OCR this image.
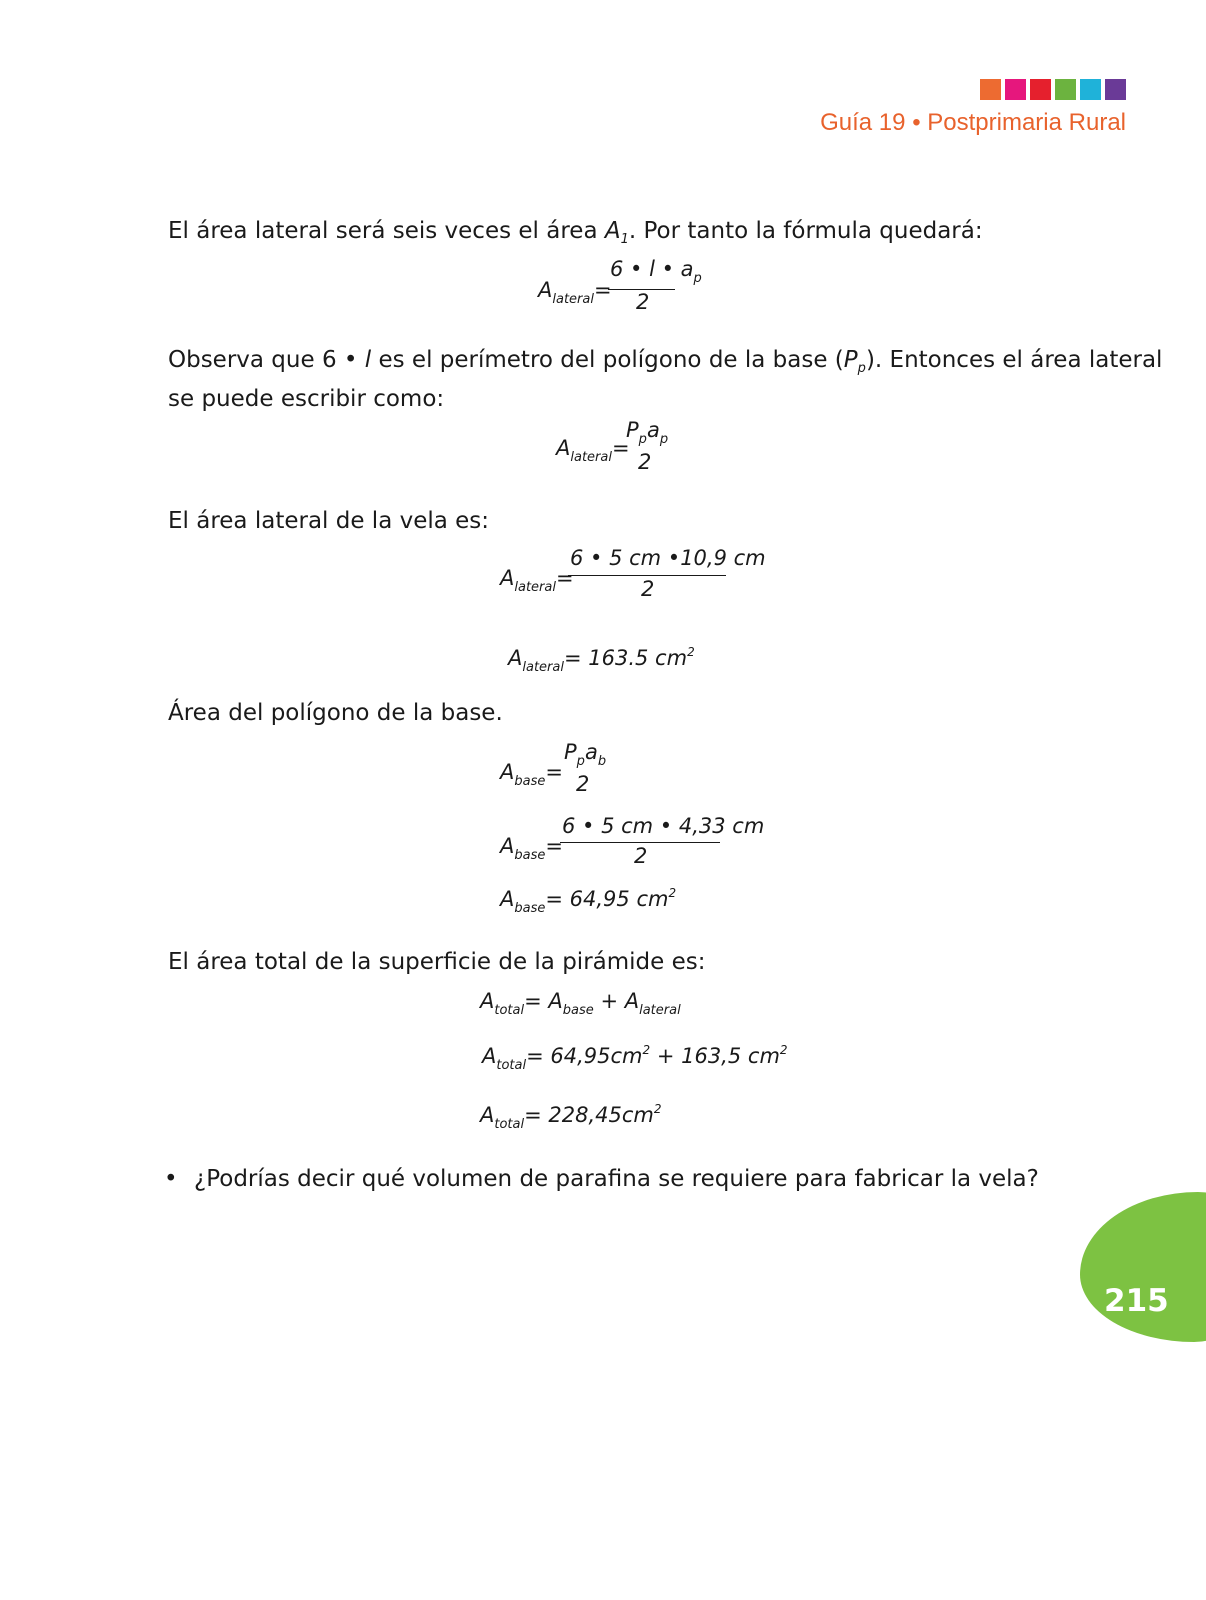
Guía 19 • Postprimaria Rural
El área lateral será seis veces el área $A_1$. Por tanto la fórmula quedará:
$A_{lateral}=$
6 • l • $a_p$
2
Observa que 6 • l es el perímetro del polígono de la base $(P_p)$. Entonces el área lateral
se puede escribir como:
$A_{lateral}=$
$P_pa_p$
2
El área lateral de la vela es:
$A_{lateral}=$
6 • 5 cm •10,9 cm
2
$A_{lateral}= 163.5$ $cm^2$
Área del polígono de la base.
$A_{base}=$
$P_pa_b$
2
$A_{base}=$
6 • 5 cm • 4,33 cm
2
$A_{base}= 64,95$ $cm^2$
El área total de la superficie de la pirámide es:
$A_{total}= A_{base} + A_{lateral}$
$A_{total}= 64,95cm^2 + 163,5$ $cm^2$
$A_{total}= 228,45cm^2$
• ¿Podrías decir qué volumen de parafina se requiere para fabricar la vela?
215
